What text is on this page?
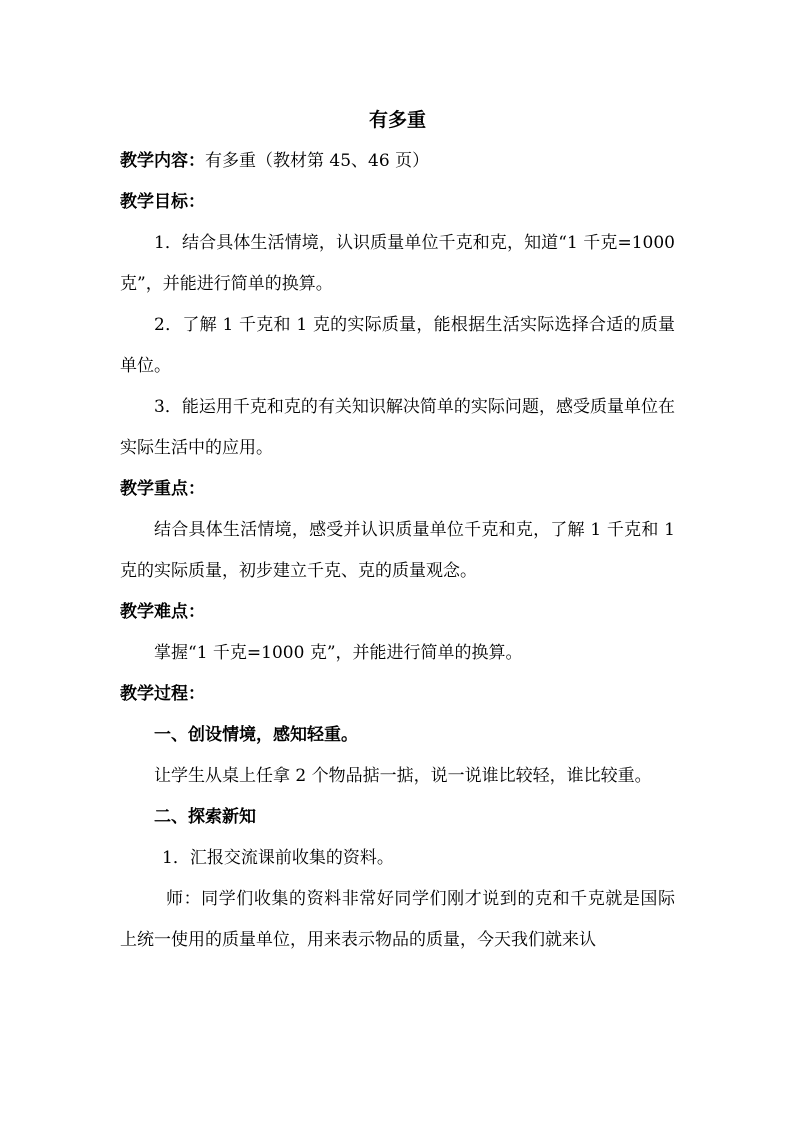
有多重

教学内容：有多重（教材第 45、46 页）

教学目标：

1．结合具体生活情境，认识质量单位千克和克，知道“1 千克=1000 克”，并能进行简单的换算。

2．了解 1 千克和 1 克的实际质量，能根据生活实际选择合适的质量单位。

3．能运用千克和克的有关知识解决简单的实际问题，感受质量单位在实际生活中的应用。

教学重点：

结合具体生活情境，感受并认识质量单位千克和克，了解 1 千克和 1 克的实际质量，初步建立千克、克的质量观念。

教学难点：

掌握“1 千克=1000 克”，并能进行简单的换算。

教学过程：

一、创设情境，感知轻重。

让学生从桌上任拿 2 个物品掂一掂，说一说谁比较轻，谁比较重。

二、探索新知

1．汇报交流课前收集的资料。

师：同学们收集的资料非常好同学们刚才说到的克和千克就是国际上统一使用的质量单位，用来表示物品的质量，今天我们就来认
